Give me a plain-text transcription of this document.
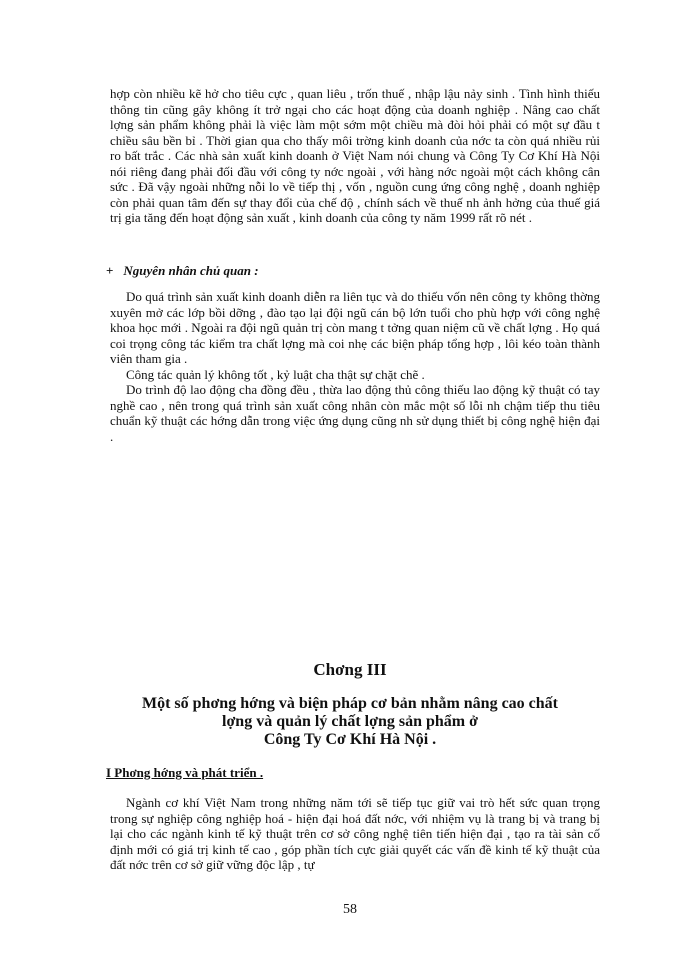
hợp còn nhiều kẽ hở cho tiêu cực , quan liêu , trốn thuế , nhập lậu nảy sinh . Tình hình thiếu thông tin cũng gây không ít trở ngại cho các hoạt động của doanh nghiệp . Nâng cao chất lợng sản phẩm không phải là việc làm một sớm một chiều mà đòi hỏi phải có một sự đầu t chiều sâu bền bỉ . Thời gian qua cho thấy môi trờng kinh doanh của nớc ta còn quá nhiều rủi ro bất trắc . Các nhà sản xuất kinh doanh ở Việt Nam nói chung và Công Ty Cơ Khí Hà Nội nói riêng đang phải đối đầu với công ty nớc ngoài , với hàng nớc ngoài một cách không cân sức . Đã vậy ngoài những nỗi lo về tiếp thị , vốn , nguồn cung ứng công nghệ , doanh nghiệp còn phải quan tâm đến sự thay đổi của chế độ , chính sách về thuế nh ảnh hởng của thuế giá trị gia tăng đến hoạt động sản xuất , kinh doanh của công ty năm 1999 rất rõ nét .

+ Nguyên nhân chủ quan :

Do quá trình sản xuất kinh doanh diễn ra liên tục và do thiếu vốn nên công ty không thờng xuyên mở các lớp bồi dỡng , đào tạo lại đội ngũ cán bộ lớn tuổi cho phù hợp với công nghệ khoa học mới . Ngoài ra đội ngũ quản trị còn mang t tởng quan niệm cũ về chất lợng . Họ quá coi trọng công tác kiểm tra chất lợng mà coi nhẹ các biện pháp tổng hợp , lôi kéo toàn thành viên tham gia .

Công tác quản lý không tốt , kỷ luật cha thật sự chặt chẽ .

Do trình độ lao động cha đồng đều , thừa lao động thủ công thiếu lao động kỹ thuật có tay nghề cao , nên trong quá trình sản xuất công nhân còn mắc một số lỗi nh chậm tiếp thu tiêu chuẩn kỹ thuật các hớng dẫn trong việc ứng dụng cũng nh sử dụng thiết bị công nghệ hiện đại .

Chơng III
Một số phơng hớng và biện pháp cơ bản nhằm nâng cao chất
lợng và quản lý chất lợng sản phẩm ở
Công Ty Cơ Khí Hà Nội .
I Phơng hớng và phát triển .

Ngành cơ khí Việt Nam trong những năm tới sẽ tiếp tục giữ vai trò hết sức quan trọng trong sự nghiệp công nghiệp hoá - hiện đại hoá đất nớc, với nhiệm vụ là trang bị và trang bị lại cho các ngành kinh tế kỹ thuật trên cơ sở công nghệ tiên tiến hiện đại , tạo ra tài sản cố định mới có giá trị kinh tế cao , góp phần tích cực giải quyết các vấn đề kinh tế kỹ thuật của đất nớc trên cơ sở giữ vững độc lập , tự

58
